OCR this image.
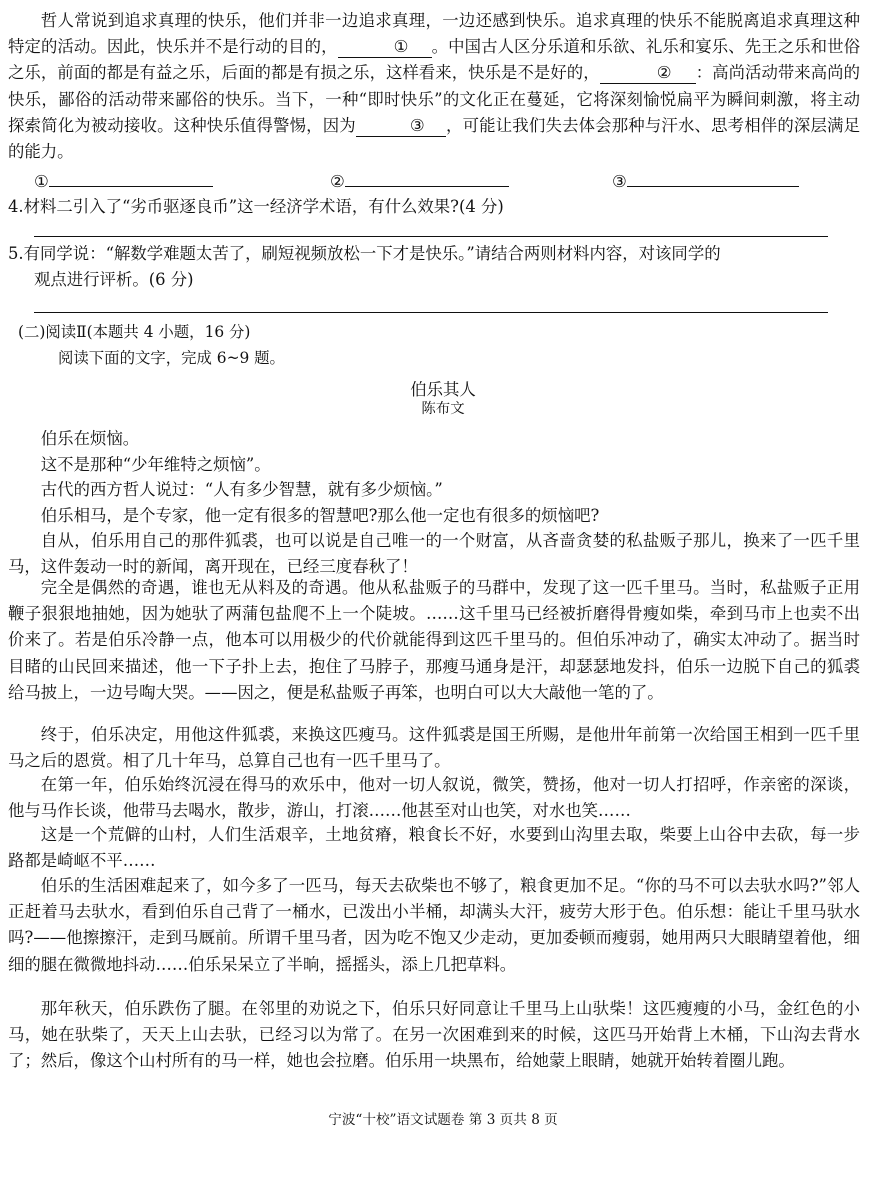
哲人常说到追求真理的快乐，他们并非一边追求真理，一边还感到快乐。追求真理的快乐不能脱离追求真理这种特定的活动。因此，快乐并不是行动的目的，	① 。中国古人区分乐道和乐欲、礼乐和宴乐、先王之乐和世俗之乐，前面的都是有益之乐，后面的都是有损之乐，这样看来，快乐是不是好的，	② ：高尚活动带来高尚的快乐，鄙俗的活动带来鄙俗的快乐。当下，一种“即时快乐”的文化正在蔓延，它将深刻愉悦扁平为瞬间刺激，将主动探索简化为被动接收。这种快乐值得警惕，因为	③ ，可能让我们失去体会那种与汗水、思考相伴的深层满足的能力。

①	②	③
4.材料二引入了“劣币驱逐良币”这一经济学术语，有什么效果?(4 分)
5.有同学说：“解数学难题太苦了，刷短视频放松一下才是快乐。”请结合两则材料内容，对该同学的
观点进行评析。(6 分)
(二)阅读Ⅱ(本题共 4 小题，16 分)
阅读下面的文字，完成 6~9 题。
伯乐其人
陈布文

伯乐在烦恼。

这不是那种“少年维特之烦恼”。

古代的西方哲人说过：“人有多少智慧，就有多少烦恼。”

伯乐相马，是个专家，他一定有很多的智慧吧?那么他一定也有很多的烦恼吧?

自从，伯乐用自己的那件狐裘，也可以说是自己唯一的一个财富，从吝啬贪婪的私盐贩子那儿，换来了一匹千里马，这件轰动一时的新闻，离开现在，已经三度春秋了！

完全是偶然的奇遇，谁也无从料及的奇遇。他从私盐贩子的马群中，发现了这一匹千里马。当时，私盐贩子正用鞭子狠狠地抽她，因为她驮了两蒲包盐爬不上一个陡坡。……这千里马已经被折磨得骨瘦如柴，牵到马市上也卖不出价来了。若是伯乐冷静一点，他本可以用极少的代价就能得到这匹千里马的。但伯乐冲动了，确实太冲动了。据当时目睹的山民回来描述，他一下子扑上去，抱住了马脖子，那瘦马通身是汗，却瑟瑟地发抖，伯乐一边脱下自己的狐裘给马披上，一边号啕大哭。——因之，便是私盐贩子再笨，也明白可以大大敲他一笔的了。

终于，伯乐决定，用他这件狐裘，来换这匹瘦马。这件狐裘是国王所赐，是他卅年前第一次给国王相到一匹千里马之后的恩赏。相了几十年马，总算自己也有一匹千里马了。

在第一年，伯乐始终沉浸在得马的欢乐中，他对一切人叙说，微笑，赞扬，他对一切人打招呼，作亲密的深谈，他与马作长谈，他带马去喝水，散步，游山，打滚……他甚至对山也笑，对水也笑……

这是一个荒僻的山村，人们生活艰辛，土地贫瘠，粮食长不好，水要到山沟里去取，柴要上山谷中去砍，每一步路都是崎岖不平……

伯乐的生活困难起来了，如今多了一匹马，每天去砍柴也不够了，粮食更加不足。“你的马不可以去驮水吗?”邻人正赶着马去驮水，看到伯乐自己背了一桶水，已泼出小半桶，却满头大汗，疲劳大形于色。伯乐想：能让千里马驮水吗?——他擦擦汗，走到马厩前。所谓千里马者，因为吃不饱又少走动，更加委顿而瘦弱，她用两只大眼睛望着他，细细的腿在微微地抖动……伯乐呆呆立了半晌，摇摇头，添上几把草料。

那年秋天，伯乐跌伤了腿。在邻里的劝说之下，伯乐只好同意让千里马上山驮柴！这匹瘦瘦的小马，金红色的小马，她在驮柴了，天天上山去驮，已经习以为常了。在另一次困难到来的时候，这匹马开始背上木桶，下山沟去背水了；然后，像这个山村所有的马一样，她也会拉磨。伯乐用一块黑布，给她蒙上眼睛，她就开始转着圈儿跑。

宁波“十校”语文试题卷 第 3 页共 8 页
